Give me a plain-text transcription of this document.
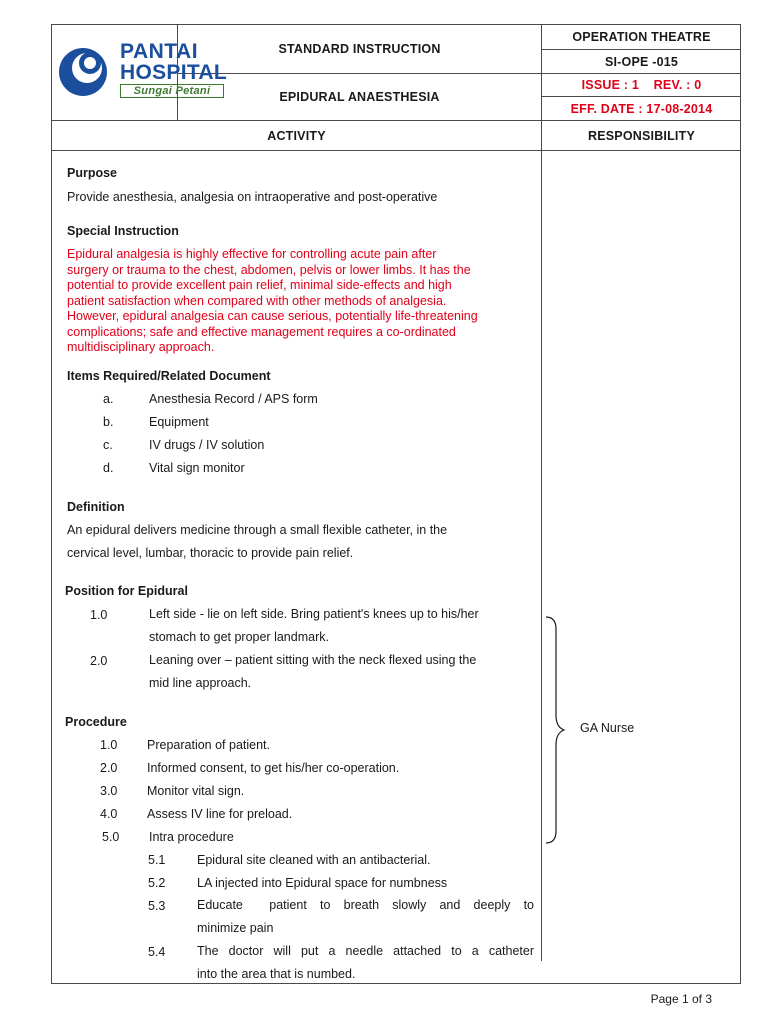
PANTAI
HOSPITAL
Sungai Petani
STANDARD INSTRUCTION
EPIDURAL ANAESTHESIA
OPERATION THEATRE
SI-OPE -015
ISSUE : 1    REV. : 0
EFF. DATE : 17-08-2014
ACTIVITY	RESPONSIBILITY
Purpose
Provide anesthesia, analgesia on intraoperative and post-operative
Special Instruction
Epidural analgesia is highly effective for controlling acute pain after
surgery or trauma to the chest, abdomen, pelvis or lower limbs. It has the
potential to provide excellent pain relief, minimal side-effects and high
patient satisfaction when compared with other methods of analgesia.
However, epidural analgesia can cause serious, potentially life-threatening
complications; safe and effective management requires a co-ordinated
multidisciplinary approach.
Items Required/Related Document
a.	Anesthesia Record / APS form
b.	Equipment
c.	IV drugs / IV solution
d.	Vital sign monitor
Definition
An epidural delivers medicine through a small flexible catheter, in the
cervical level, lumbar, thoracic to provide pain relief.
Position for Epidural
1.0	Left side - lie on left side. Bring patient's knees up to his/her
stomach to get proper landmark.
2.0	Leaning over – patient sitting with the neck flexed using the
mid line approach.
Procedure
1.0 Preparation of patient.
2.0 Informed consent, to get his/her co-operation.
3.0 Monitor vital sign.
4.0 Assess IV line for preload.
5.0 Intra procedure
5.1	Epidural site cleaned with an antibacterial.
5.2	LA injected into Epidural space for numbness
5.3	Educate  patient to breath slowly and deeply to
minimize pain
5.4	The doctor will put a needle attached to a catheter
into the area that is numbed.
GA Nurse
Page 1 of 3
